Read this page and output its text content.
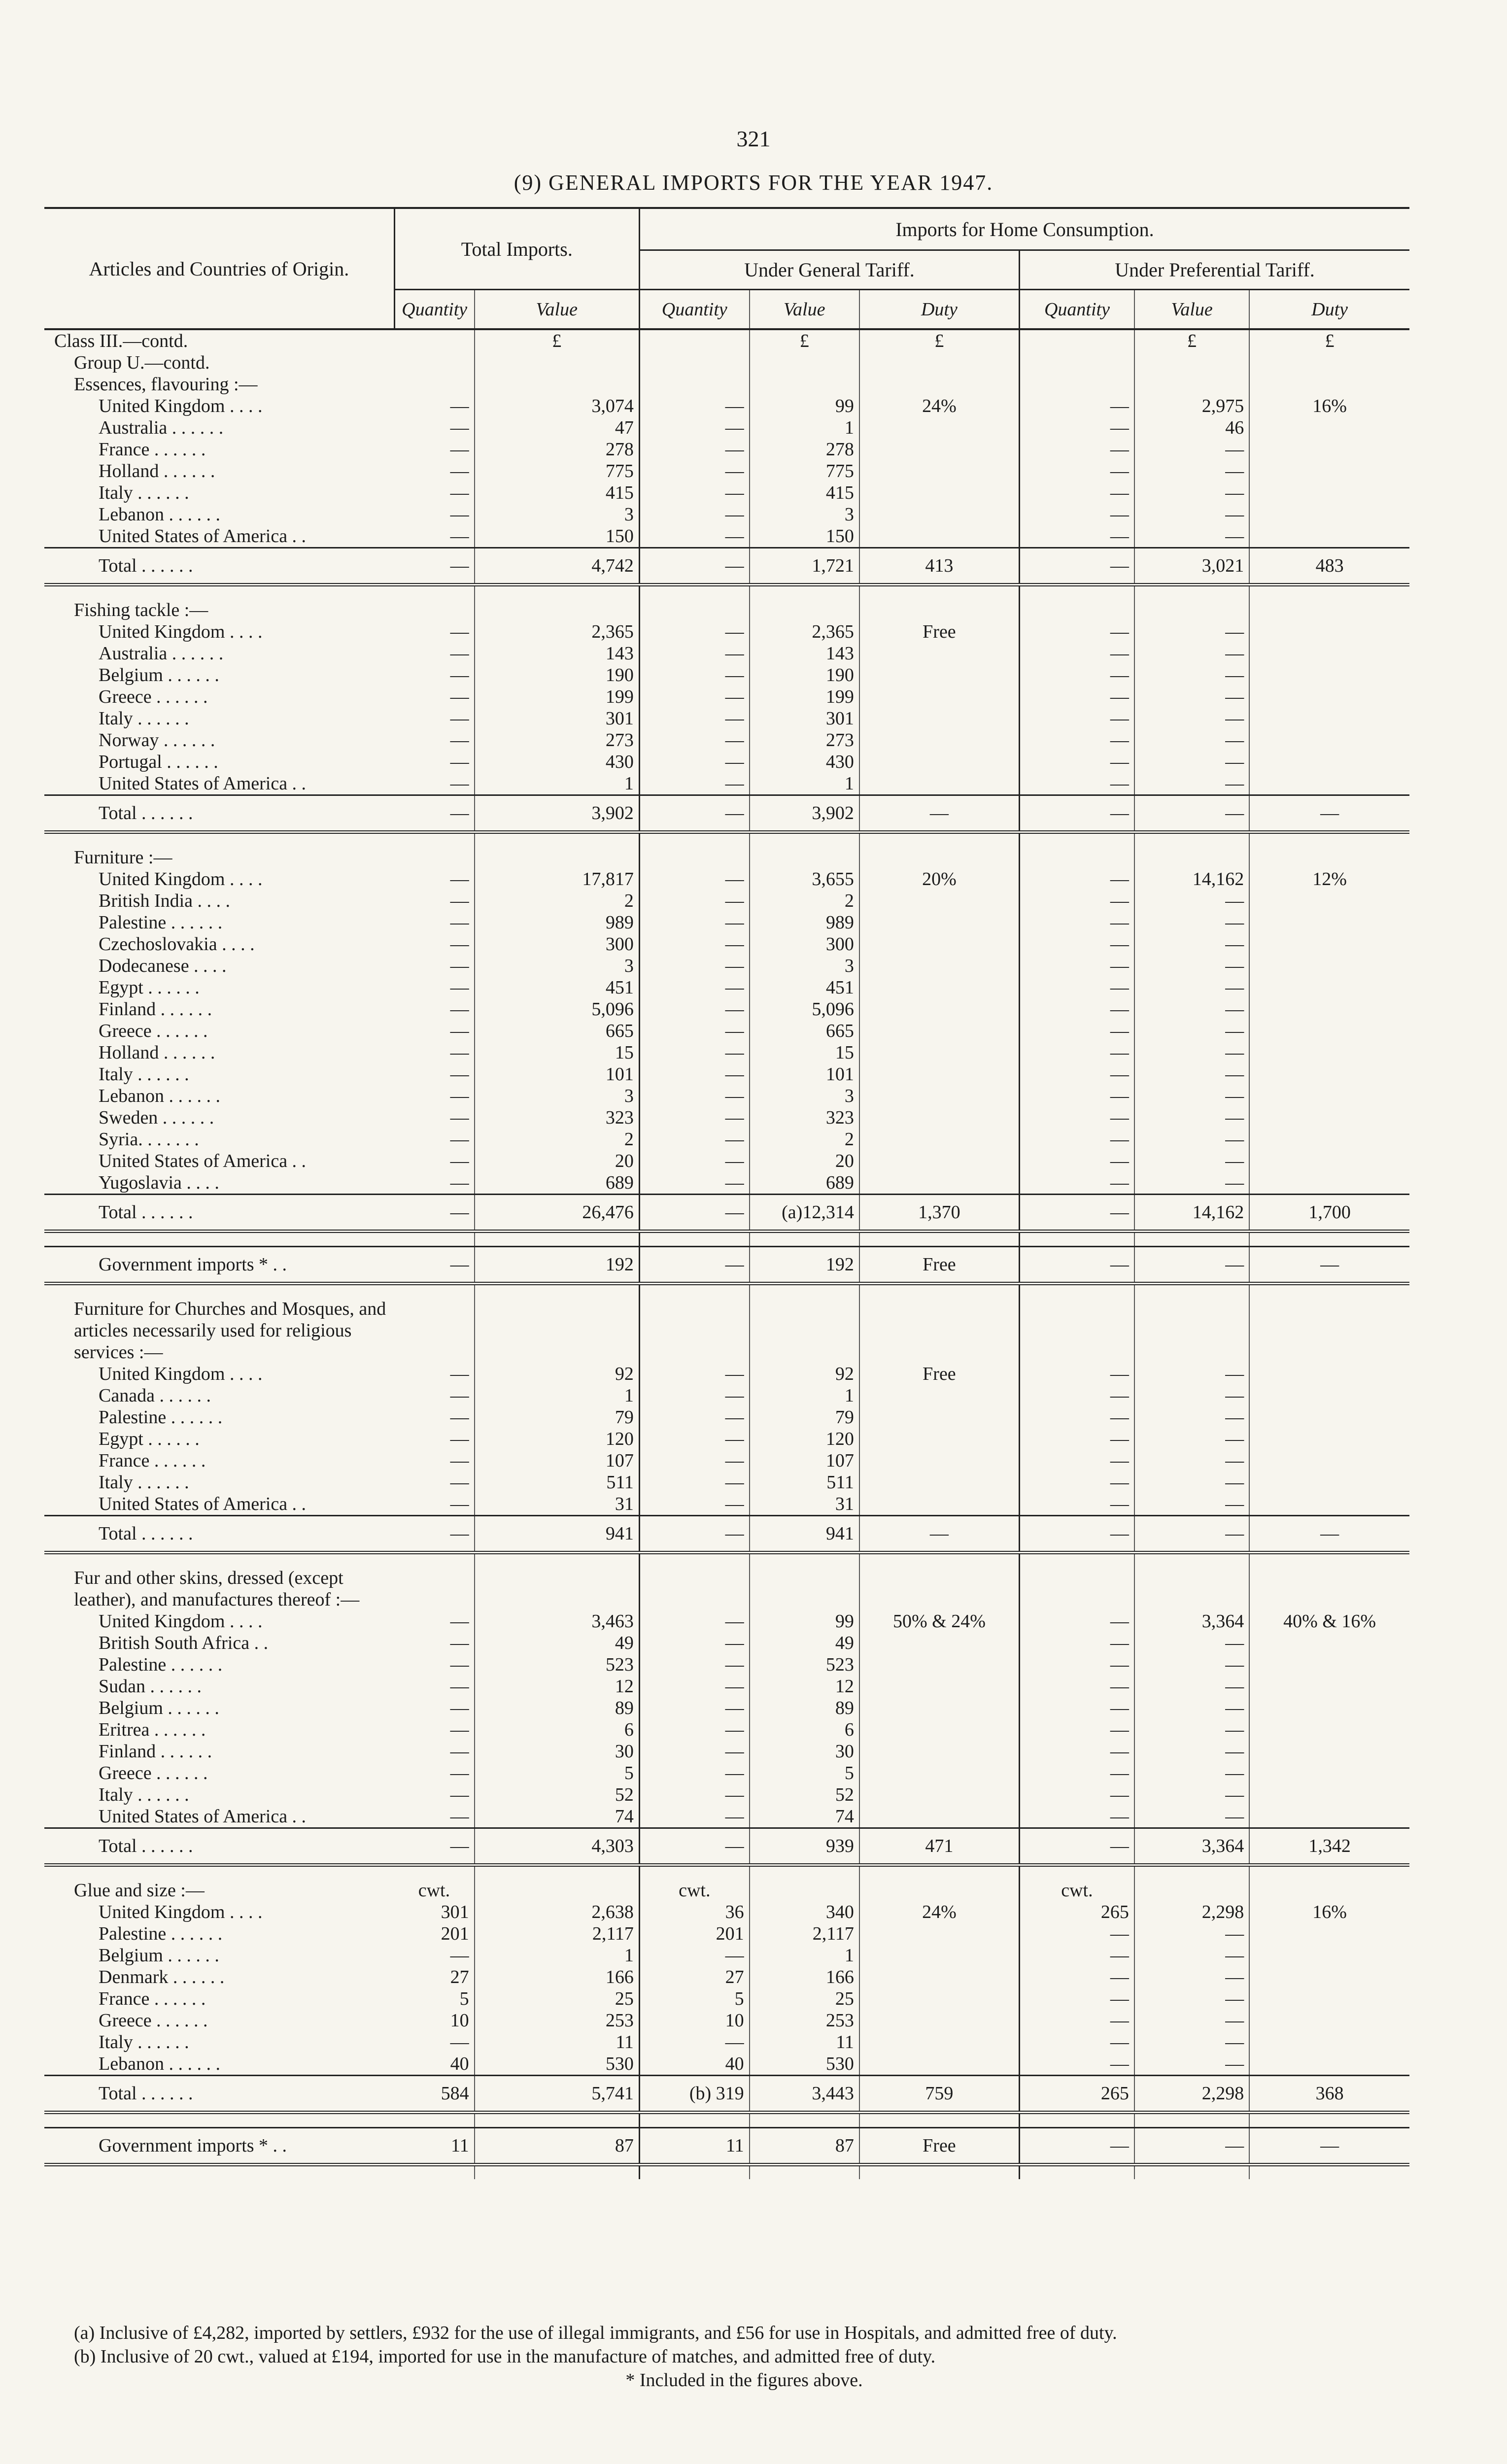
321
(9) GENERAL IMPORTS FOR THE YEAR 1947.
Articles and Countries of Origin.	Total Imports.		Imports for Home Consumption.					
			Under General Tariff.			Under Preferential Tariff.		
	Quantity	Value	Quantity	Value	Duty	Quantity	Value	Duty
Class III.—contd.		£		£	£		£	£
Group U.—contd.								
Essences, flavouring :—								
United Kingdom . . . .	—	3,074	—	99	24%	—	2,975	16%
Australia . . . . . .	—	47	—	1		—	46	
France . . . . . .	—	278	—	278		—	—	
Holland . . . . . .	—	775	—	775		—	—	
Italy . . . . . .	—	415	—	415		—	—	
Lebanon . . . . . .	—	3	—	3		—	—	
United States of America . .	—	150	—	150		—	—	
Total . . . . . .	—	4,742	—	1,721	413	—	3,021	483

Fishing tackle :—								
United Kingdom . . . .	—	2,365	—	2,365	Free	—	—	
Australia . . . . . .	—	143	—	143		—	—	
Belgium . . . . . .	—	190	—	190		—	—	
Greece . . . . . .	—	199	—	199		—	—	
Italy . . . . . .	—	301	—	301		—	—	
Norway . . . . . .	—	273	—	273		—	—	
Portugal . . . . . .	—	430	—	430		—	—	
United States of America . .	—	1	—	1		—	—	
Total . . . . . .	—	3,902	—	3,902	—	—	—	—

Furniture :—								
United Kingdom . . . .	—	17,817	—	3,655	20%	—	14,162	12%
British India . . . .	—	2	—	2		—	—	
Palestine . . . . . .	—	989	—	989		—	—	
Czechoslovakia . . . .	—	300	—	300		—	—	
Dodecanese . . . .	—	3	—	3		—	—	
Egypt . . . . . .	—	451	—	451		—	—	
Finland . . . . . .	—	5,096	—	5,096		—	—	
Greece . . . . . .	—	665	—	665		—	—	
Holland . . . . . .	—	15	—	15		—	—	
Italy . . . . . .	—	101	—	101		—	—	
Lebanon . . . . . .	—	3	—	3		—	—	
Sweden . . . . . .	—	323	—	323		—	—	
Syria. . . . . . .	—	2	—	2		—	—	
United States of America . .	—	20	—	20		—	—	
Yugoslavia . . . .	—	689	—	689		—	—	
Total . . . . . .	—	26,476	—	(a)12,314	1,370	—	14,162	1,700

Government imports * . .	—	192	—	192	Free	—	—	—

Furniture for Churches and Mosques, and articles necessarily used for religious services :—								
United Kingdom . . . .	—	92	—	92	Free	—	—	
Canada . . . . . .	—	1	—	1		—	—	
Palestine . . . . . .	—	79	—	79		—	—	
Egypt . . . . . .	—	120	—	120		—	—	
France . . . . . .	—	107	—	107		—	—	
Italy . . . . . .	—	511	—	511		—	—	
United States of America . .	—	31	—	31		—	—	
Total . . . . . .	—	941	—	941	—	—	—	—

Fur and other skins, dressed (except leather), and manufactures thereof :—								
United Kingdom . . . .	—	3,463	—	99	50% & 24%	—	3,364	40% & 16%
British South Africa . .	—	49	—	49		—	—	
Palestine . . . . . .	—	523	—	523		—	—	
Sudan . . . . . .	—	12	—	12		—	—	
Belgium . . . . . .	—	89	—	89		—	—	
Eritrea . . . . . .	—	6	—	6		—	—	
Finland . . . . . .	—	30	—	30		—	—	
Greece . . . . . .	—	5	—	5		—	—	
Italy . . . . . .	—	52	—	52		—	—	
United States of America . .	—	74	—	74		—	—	
Total . . . . . .	—	4,303	—	939	471	—	3,364	1,342

Glue and size :—	cwt.		cwt.			cwt.		
United Kingdom . . . .	301	2,638	36	340	24%	265	2,298	16%
Palestine . . . . . .	201	2,117	201	2,117		—	—	
Belgium . . . . . .	—	1	—	1		—	—	
Denmark . . . . . .	27	166	27	166		—	—	
France . . . . . .	5	25	5	25		—	—	
Greece . . . . . .	10	253	10	253		—	—	
Italy . . . . . .	—	11	—	11		—	—	
Lebanon . . . . . .	40	530	40	530		—	—	
Total . . . . . .	584	5,741	(b) 319	3,443	759	265	2,298	368

Government imports * . .	11	87	11	87	Free	—	—	—

(a) Inclusive of £4,282, imported by settlers, £932 for the use of illegal immigrants, and £56 for use in Hospitals, and admitted free of duty.

(b) Inclusive of 20 cwt., valued at £194, imported for use in the manufacture of matches, and admitted free of duty.

* Included in the figures above.
